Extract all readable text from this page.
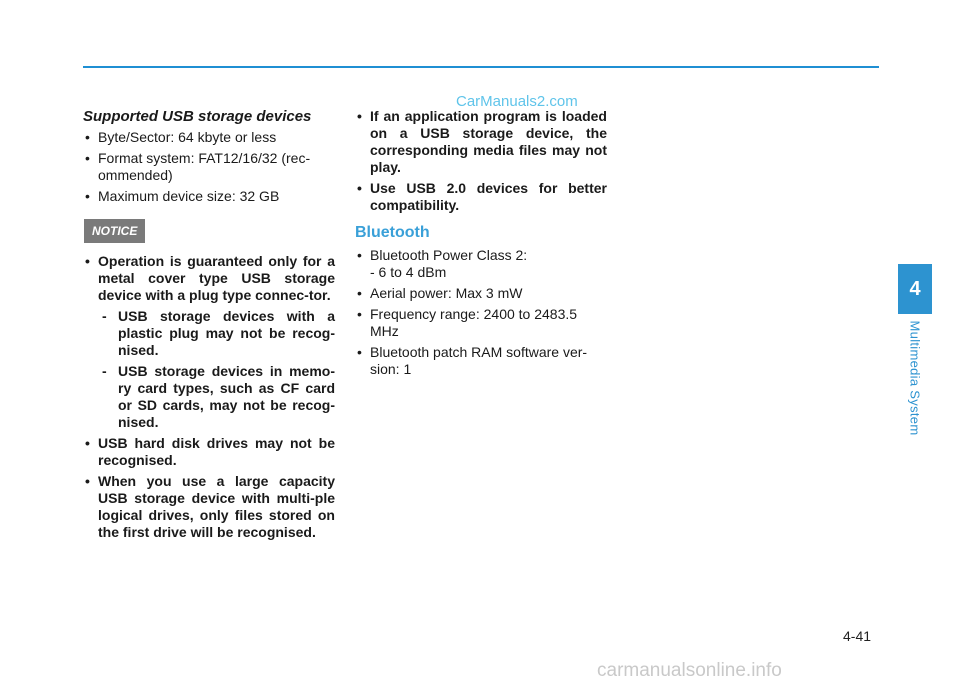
CarManuals2.com
Supported USB storage devices
• Byte/Sector: 64 kbyte or less
• Format system: FAT12/16/32 (rec-ommended)
• Maximum device size: 32 GB
NOTICE
• Operation is guaranteed only for a metal cover type USB storage device with a plug type connec-tor.
- USB storage devices with a plastic plug may not be recog-nised.
- USB storage devices in memo-ry card types, such as CF card or SD cards, may not be recog-nised.
• USB hard disk drives may not be recognised.
• When you use a large capacity USB storage device with multi-ple logical drives, only files stored on the first drive will be recognised.
• If an application program is loaded on a USB storage device, the corresponding media files may not play.
• Use USB 2.0 devices for better compatibility.
Bluetooth
• Bluetooth Power Class 2:
- 6 to 4 dBm
• Aerial power: Max 3 mW
• Frequency range: 2400 to 2483.5 MHz
• Bluetooth patch RAM software ver-sion: 1
4
Multimedia System
4-41
carmanualsonline.info
